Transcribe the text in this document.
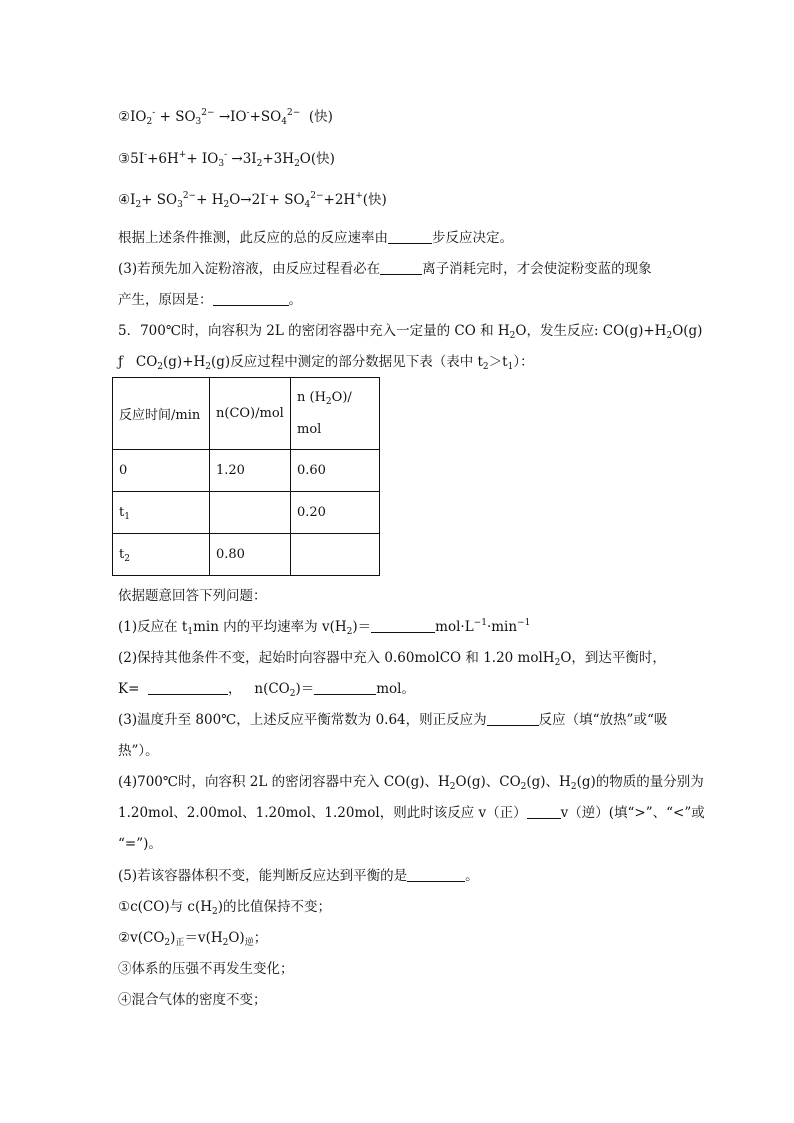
$②IO_2^- + SO_3^{2-} \to IO^-+SO_4^{2-}$  (快)
③5I-+6H++ $IO_3^- \to 3I_2+3H_2O$(快)
$④I_2+ SO_3^{2-}+ H_2O\to 2I^-+ SO_4^{2-}+2H^+$(快)
根据上述条件推测，此反应的总的反应速率由	步反应决定。
(3)若预先加入淀粉溶液，由反应过程看必在	离子消耗完时，才会使淀粉变蓝的现象
产生，原因是：	。
5．700℃时，向容积为 2L 的密闭容器中充入一定量的 CO 和 $H_2O$，发生反应: $CO(g)+H_2O(g)$
ƒ   $CO_2(g)+H_2(g)$反应过程中测定的部分数据见下表（表中 $t_2>t_1$）：
反应时间/min	n(CO)/mol	n $(H_2O)/$
mol
0	1.20	0.60
$t_1$		0.20
$t_2$	0.80	
依据题意回答下列问题：
(1)反应在 $t_1\min$ 内的平均速率为 $v(H_2)=$	$mol\cdot L^{-1}\cdot\min^{-1}$
(2)保持其他条件不变，起始时向容器中充入 0.60molCO 和 1.20 molH$_2$O，到达平衡时，
K=	，   $n(CO_2)=$	mol。
(3)温度升至 800℃，上述反应平衡常数为 0.64，则正反应为	反应（填“放热”或“吸
热”）。
(4)700℃时，向容积 2L 的密闭容器中充入 CO(g)、$H_2O(g)$、$CO_2(g)$、$H_2(g)$的物质的量分别为
1.20mol、2.00mol、1.20mol、1.20mol，则此时该反应 v（正）	v（逆）(填“>”、“<”或
“=”)。
(5)若该容器体积不变，能判断反应达到平衡的是	。
①c(CO)与 $c(H_2)$的比值保持不变；
$②v(CO_2)_正=v(H_2O)_逆$；
③体系的压强不再发生变化；
④混合气体的密度不变；
